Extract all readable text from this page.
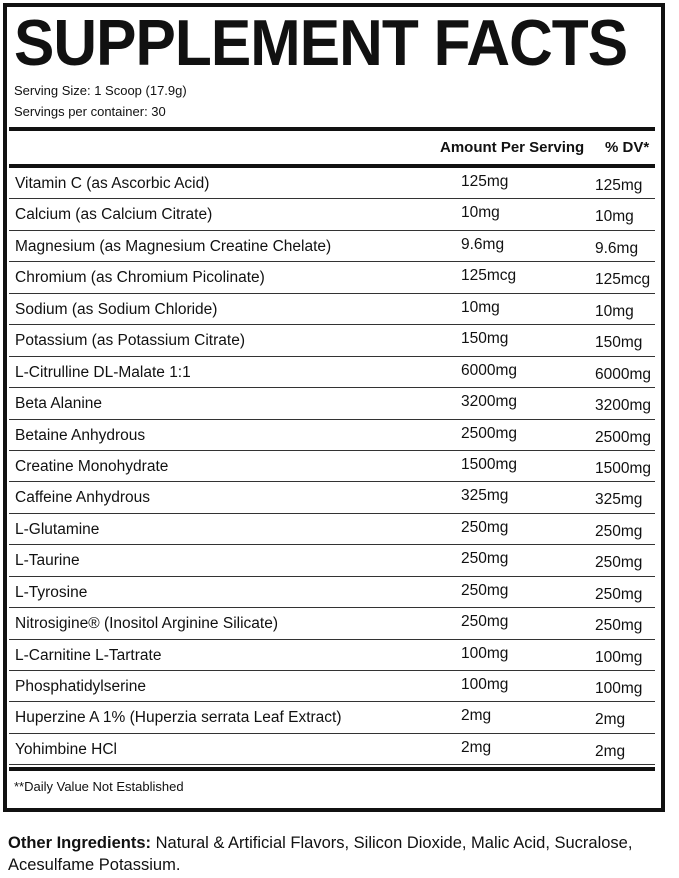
SUPPLEMENT FACTS
Serving Size: 1 Scoop (17.9g)
Servings per container: 30
Amount Per Serving % DV*
Vitamin C (as Ascorbic Acid)	125mg	125mg
Calcium (as Calcium Citrate)	10mg	10mg
Magnesium (as Magnesium Creatine Chelate)	9.6mg	9.6mg
Chromium (as Chromium Picolinate)	125mcg	125mcg
Sodium (as Sodium Chloride)	10mg	10mg
Potassium (as Potassium Citrate)	150mg	150mg
L-Citrulline DL-Malate 1:1	6000mg	6000mg
Beta Alanine	3200mg	3200mg
Betaine Anhydrous	2500mg	2500mg
Creatine Monohydrate	1500mg	1500mg
Caffeine Anhydrous	325mg	325mg
L-Glutamine	250mg	250mg
L-Taurine	250mg	250mg
L-Tyrosine	250mg	250mg
Nitrosigine® (Inositol Arginine Silicate)	250mg	250mg
L-Carnitine L-Tartrate	100mg	100mg
Phosphatidylserine	100mg	100mg
Huperzine A 1% (Huperzia serrata Leaf Extract)	2mg	2mg
Yohimbine HCl	2mg	2mg
**Daily Value Not Established
Other Ingredients: Natural & Artificial Flavors, Silicon Dioxide, Malic Acid, Sucralose, Acesulfame Potassium.
